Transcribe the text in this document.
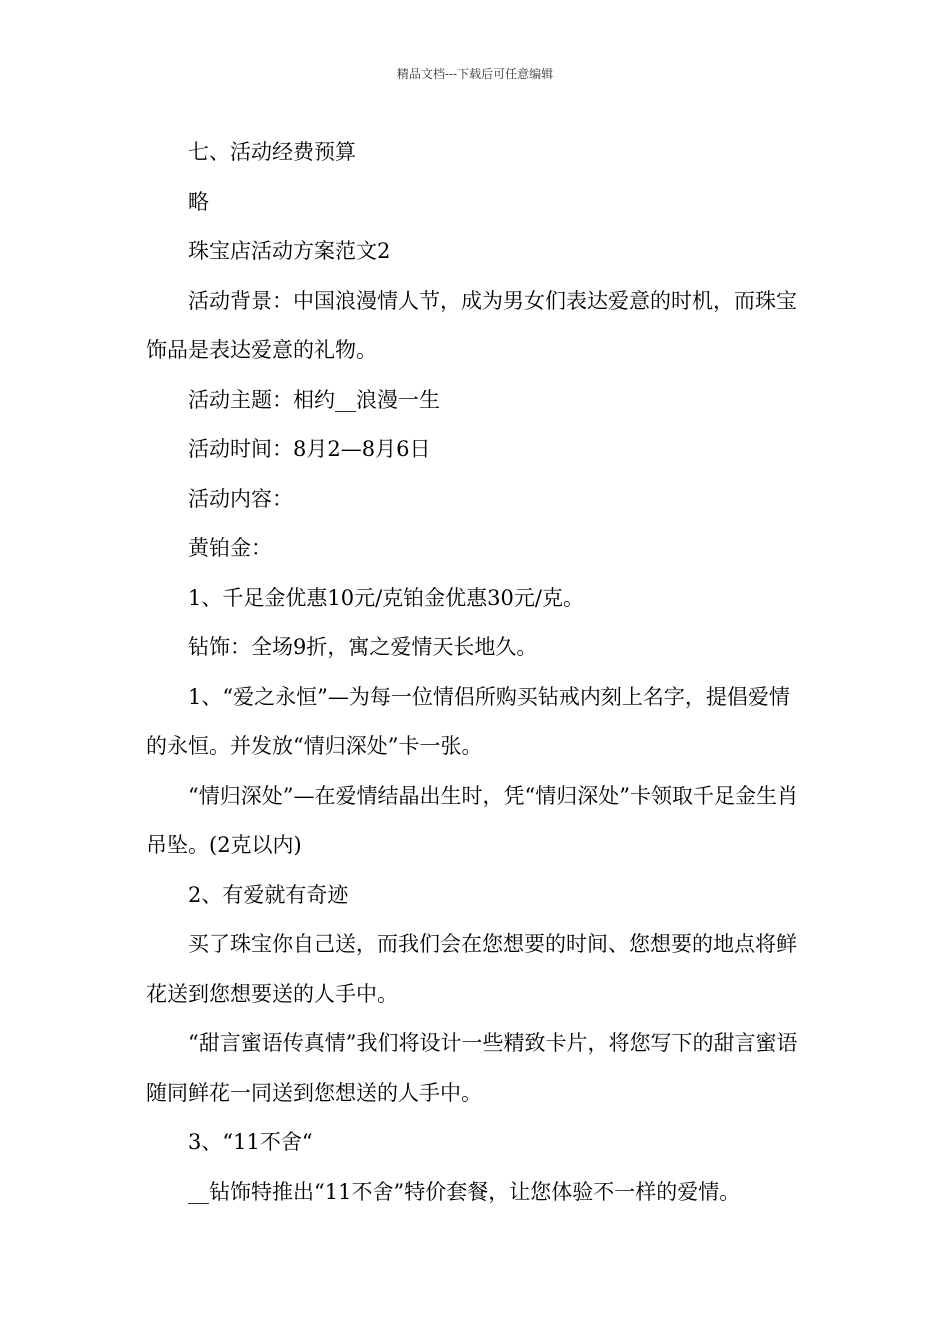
精品文档---下载后可任意编辑

七、活动经费预算

略

珠宝店活动方案范文2

活动背景：中国浪漫情人节，成为男女们表达爱意的时机，而珠宝饰品是表达爱意的礼物。

活动主题：相约__浪漫一生

活动时间：8月2—8月6日

活动内容：

黄铂金：

1、千足金优惠10元/克铂金优惠30元/克。

钻饰：全场9折，寓之爱情天长地久。

1、“爱之永恒”—为每一位情侣所购买钻戒内刻上名字，提倡爱情的永恒。并发放“情归深处”卡一张。

“情归深处”—在爱情结晶出生时，凭“情归深处”卡领取千足金生肖吊坠。(2克以内)

2、有爱就有奇迹

买了珠宝你自己送，而我们会在您想要的时间、您想要的地点将鲜花送到您想要送的人手中。

“甜言蜜语传真情”我们将设计一些精致卡片，将您写下的甜言蜜语随同鲜花一同送到您想送的人手中。

3、“11不舍“

__钻饰特推出“11不舍”特价套餐，让您体验不一样的爱情。
